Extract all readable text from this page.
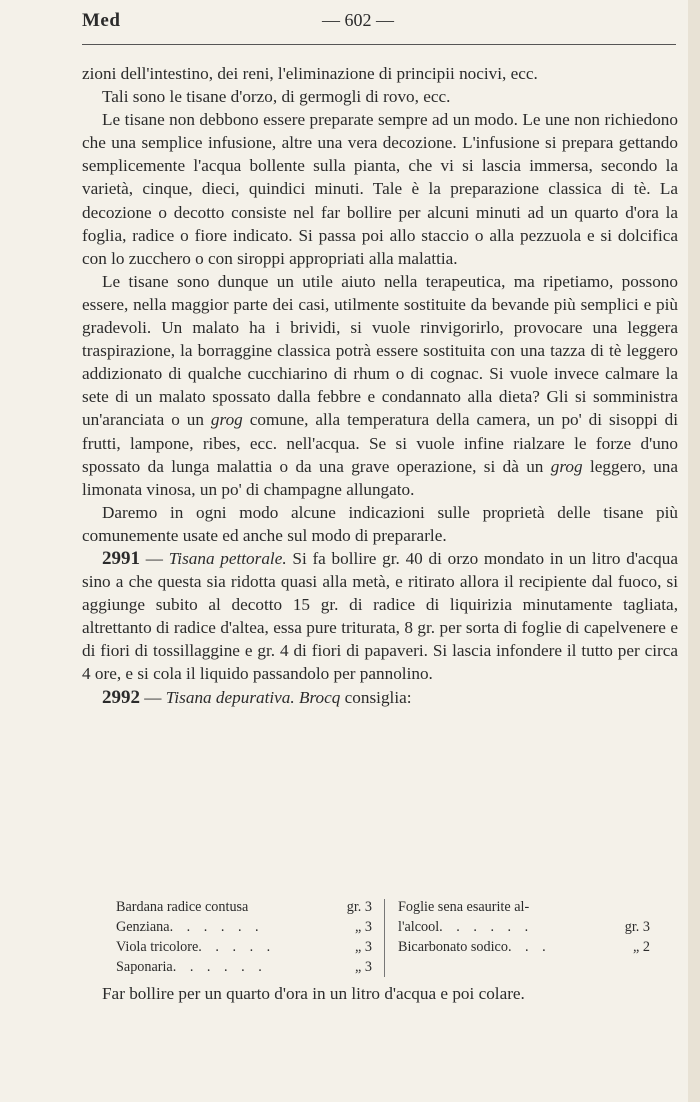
Med	— 602 —

zioni dell'intestino, dei reni, l'eliminazione di principii nocivi, ecc.

Tali sono le tisane d'orzo, di germogli di rovo, ecc.

Le tisane non debbono essere preparate sempre ad un modo. Le une non richiedono che una semplice infusione, altre una vera decozione. L'infusione si prepara gettando semplicemente l'acqua bollente sulla pianta, che vi si lascia immersa, secondo la varietà, cinque, dieci, quindici minuti. Tale è la preparazione classica di tè. La decozione o decotto consiste nel far bollire per alcuni minuti ad un quarto d'ora la foglia, radice o fiore indicato. Si passa poi allo staccio o alla pezzuola e si dolcifica con lo zucchero o con siroppi appropriati alla malattia.

Le tisane sono dunque un utile aiuto nella terapeutica, ma ripetiamo, possono essere, nella maggior parte dei casi, utilmente sostituite da bevande più semplici e più gradevoli. Un malato ha i brividi, si vuole rinvigorirlo, provocare una leggera traspirazione, la borraggine classica potrà essere sostituita con una tazza di tè leggero addizionato di qualche cucchiarino di rhum o di cognac. Si vuole invece calmare la sete di un malato spossato dalla febbre e condannato alla dieta? Gli si somministra un'aranciata o un grog comune, alla temperatura della camera, un po' di sisoppi di frutti, lampone, ribes, ecc. nell'acqua. Se si vuole infine rialzare le forze d'uno spossato da lunga malattia o da una grave operazione, si dà un grog leggero, una limonata vinosa, un po' di champagne allungato.

Daremo in ogni modo alcune indicazioni sulle proprietà delle tisane più comunemente usate ed anche sul modo di prepararle.

2991 — Tisana pettorale. Si fa bollire gr. 40 di orzo mondato in un litro d'acqua sino a che questa sia ridotta quasi alla metà, e ritirato allora il recipiente dal fuoco, si aggiunge subito al decotto 15 gr. di radice di liquirizia minutamente tagliata, altrettanto di radice d'altea, essa pure triturata, 8 gr. per sorta di foglie di capelvenere e di fiori di tossillaggine e gr. 4 di fiori di papaveri. Si lascia infondere il tutto per circa 4 ore, e si cola il liquido passandolo per pannolino.

2992 — Tisana depurativa. Brocq consiglia:

Bardana radice contusa	gr. 3
Genziana . . . . . .	„ 3
Viola tricolore . . . . .	„ 3
Saponaria . . . . . .	„ 3
Foglie sena esaurite al-
l'alcool . . . . . .	gr. 3
Bicarbonato sodico . . .	„ 2

Far bollire per un quarto d'ora in un litro d'acqua e poi colare.
